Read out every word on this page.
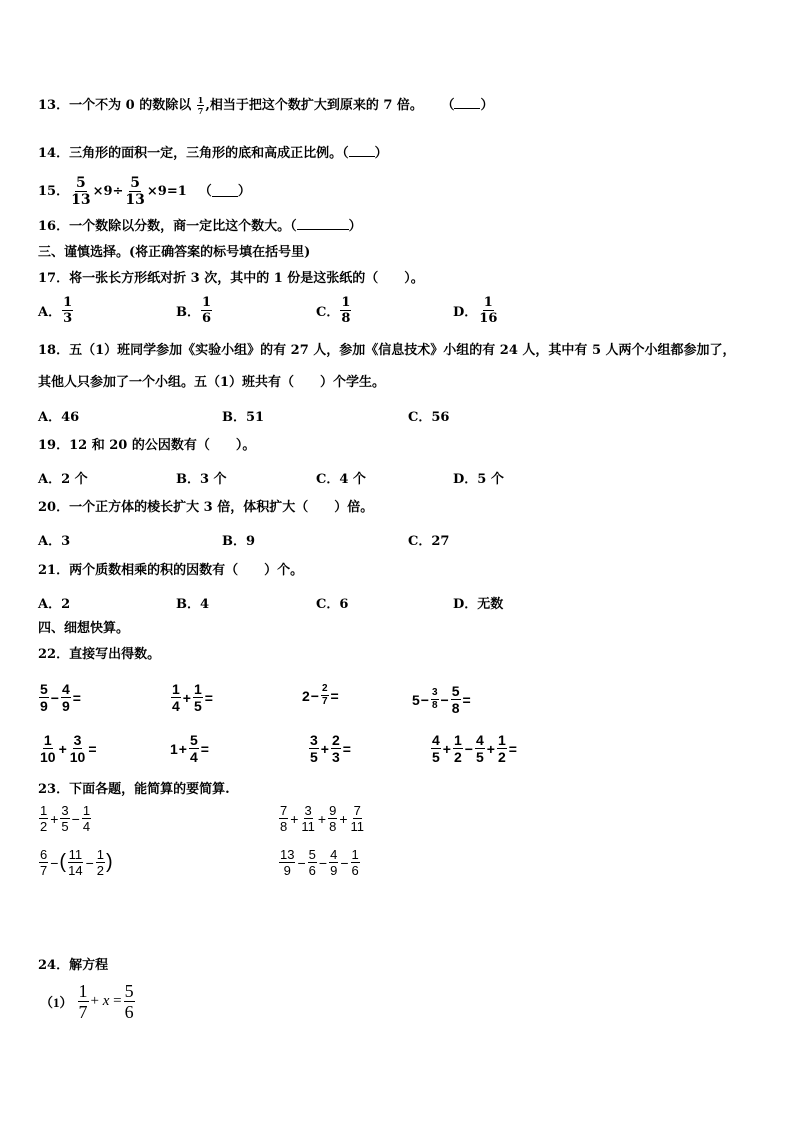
13．一个不为 0 的数除以 $\frac{1}{7}$ ,相当于把这个数扩大到原来的 7 倍。 （ ）
14．三角形的面积一定，三角形的底和高成正比例。（ ）
15． $\frac{5}{13} \times 9\div \frac{5}{13} \times 9=1$ （ ）
16．一个数除以分数，商一定比这个数大。（	）
三、谨慎选择。(将正确答案的标号填在括号里)
17．将一张长方形纸对折 3 次，其中的 1 份是这张纸的（　　）。
A． $\frac{1}{3}$	B． $\frac{1}{6}$	C． $\frac{1}{8}$	D． $\frac{1}{16}$
18．五（1）班同学参加《实验小组》的有 27 人，参加《信息技术》小组的有 24 人，其中有 5 人两个小组都参加了，
其他人只参加了一个小组。五（1）班共有（　　）个学生。
A．46	B．51	C．56
19．12 和 20 的公因数有（　　）。
A．2 个	B．3 个	C．4 个	D．5 个
20．一个正方体的棱长扩大 3 倍，体积扩大（　　）倍。
A．3	B．9	C．27
21．两个质数相乘的积的因数有（　　）个。
A．2	B．4	C．6	D．无数
四、细想快算。
22．直接写出得数。
$\frac{5}{9} - \frac{4}{9}$ =	$\frac{1}{4} + \frac{1}{5}$ =	$2 - \frac{2}{7}$ =	$5 - \frac{3}{8} - \frac{5}{8}$ =
$\frac{1}{10} + \frac{3}{10}$ =	$1 + \frac{5}{4}$ =	$\frac{3}{5} + \frac{2}{3}$ =	$\frac{4}{5} + \frac{1}{2} - \frac{4}{5} + \frac{1}{2}$ =
23．下面各题，能简算的要简算.
$\frac{1}{2} + \frac{3}{5} - \frac{1}{4}$	$\frac{7}{8} + \frac{3}{11} + \frac{9}{8} + \frac{7}{11}$
$\frac{6}{7}$ − ( $\frac{11}{14} - \frac{1}{2}$ )	$\frac{13}{9} - \frac{5}{6} - \frac{4}{9} - \frac{1}{6}$
24．解方程
$(1) \frac{1}{7} + x = \frac{5}{6}$
